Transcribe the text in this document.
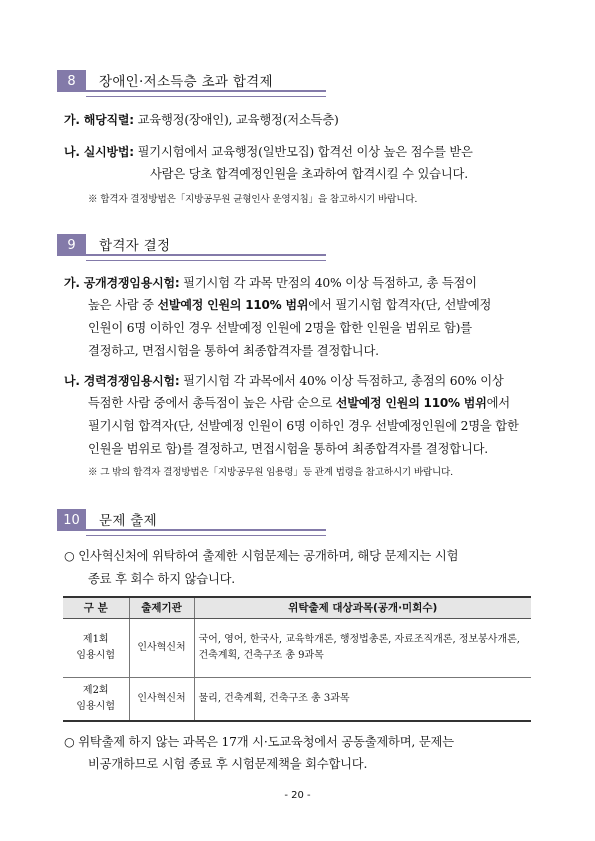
8	장애인·저소득층 초과 합격제
가. 해당직렬: 교육행정(장애인), 교육행정(저소득층)
나. 실시방법: 필기시험에서 교육행정(일반모집) 합격선 이상 높은 점수를 받은
사람은 당초 합격예정인원을 초과하여 합격시킬 수 있습니다.
※ 합격자 결정방법은「지방공무원 균형인사 운영지침」을 참고하시기 바랍니다.
9	합격자 결정
가. 공개경쟁임용시험: 필기시험 각 과목 만점의 40% 이상 득점하고, 총 득점이
높은 사람 중 선발예정 인원의 110% 범위에서 필기시험 합격자(단, 선발예정
인원이 6명 이하인 경우 선발예정 인원에 2명을 합한 인원을 범위로 함)를
결정하고, 면접시험을 통하여 최종합격자를 결정합니다.
나. 경력경쟁임용시험: 필기시험 각 과목에서 40% 이상 득점하고, 총점의 60% 이상
득점한 사람 중에서 총득점이 높은 사람 순으로 선발예정 인원의 110% 범위에서
필기시험 합격자(단, 선발예정 인원이 6명 이하인 경우 선발예정인원에 2명을 합한
인원을 범위로 함)를 결정하고, 면접시험을 통하여 최종합격자를 결정합니다.
※ 그 밖의 합격자 결정방법은「지방공무원 임용령」등 관계 법령을 참고하시기 바랍니다.
10	문제 출제
○ 인사혁신처에 위탁하여 출제한 시험문제는 공개하며, 해당 문제지는 시험
종료 후 회수 하지 않습니다.
구 분	출제기관	위탁출제 대상과목(공개·미회수)
제1회
임용시험	인사혁신처	국어, 영어, 한국사, 교육학개론, 행정법총론, 자료조직개론, 정보봉사개론, 건축계획, 건축구조 총 9과목
제2회
임용시험	인사혁신처	물리, 건축계획, 건축구조 총 3과목
○ 위탁출제 하지 않는 과목은 17개 시·도교육청에서 공동출제하며, 문제는
비공개하므로 시험 종료 후 시험문제책을 회수합니다.
- 20 -
